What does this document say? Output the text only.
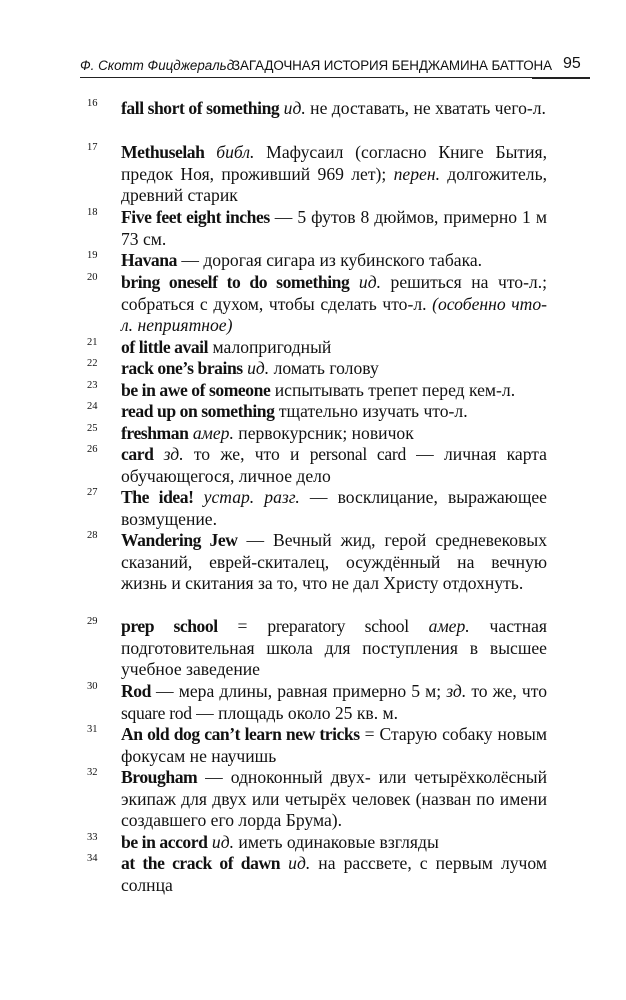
Ф. Скотт Фицджеральд
ЗАГАДОЧНАЯ ИСТОРИЯ БЕНДЖАМИНА БАТТОНА 95
16 fall short of something ид. не доставать, не хватать чего-л.
17 Methuselah библ. Мафусаил (согласно Книге Бытия, предок Ноя, проживший 969 лет); перен. долгожитель, древний старик
18 Five feet eight inches — 5 футов 8 дюймов, примерно 1 м 73 см.
19 Havana — дорогая сигара из кубинского табака.
20 bring oneself to do something ид. решиться на что-л.; собраться с духом, чтобы сделать что-л. (особенно что-л. неприятное)
21 of little avail малопригодный
22 rack one’s brains ид. ломать голову
23 be in awe of someone испытывать трепет перед кем-л.
24 read up on something тщательно изучать что-л.
25 freshman амер. первокурсник; новичок
26 card зд. то же, что и personal card — личная карта обучающегося, личное дело
27 The idea! устар. разг. — восклицание, выражающее возмущение.
28 Wandering Jew — Вечный жид, герой средневековых сказаний, еврей-скиталец, осуждённый на вечную жизнь и скитания за то, что не дал Христу отдохнуть.
29 prep school = preparatory school амер. частная подготовительная школа для поступления в высшее учебное заведение
30 Rod — мера длины, равная примерно 5 м; зд. то же, что square rod — площадь около 25 кв. м.
31 An old dog can’t learn new tricks = Старую собаку новым фокусам не научишь
32 Brougham — одноконный двух- или четырёхколёсный экипаж для двух или четырёх человек (назван по имени создавшего его лорда Брума).
33 be in accord ид. иметь одинаковые взгляды
34 at the crack of dawn ид. на рассвете, с первым лучом солнца
